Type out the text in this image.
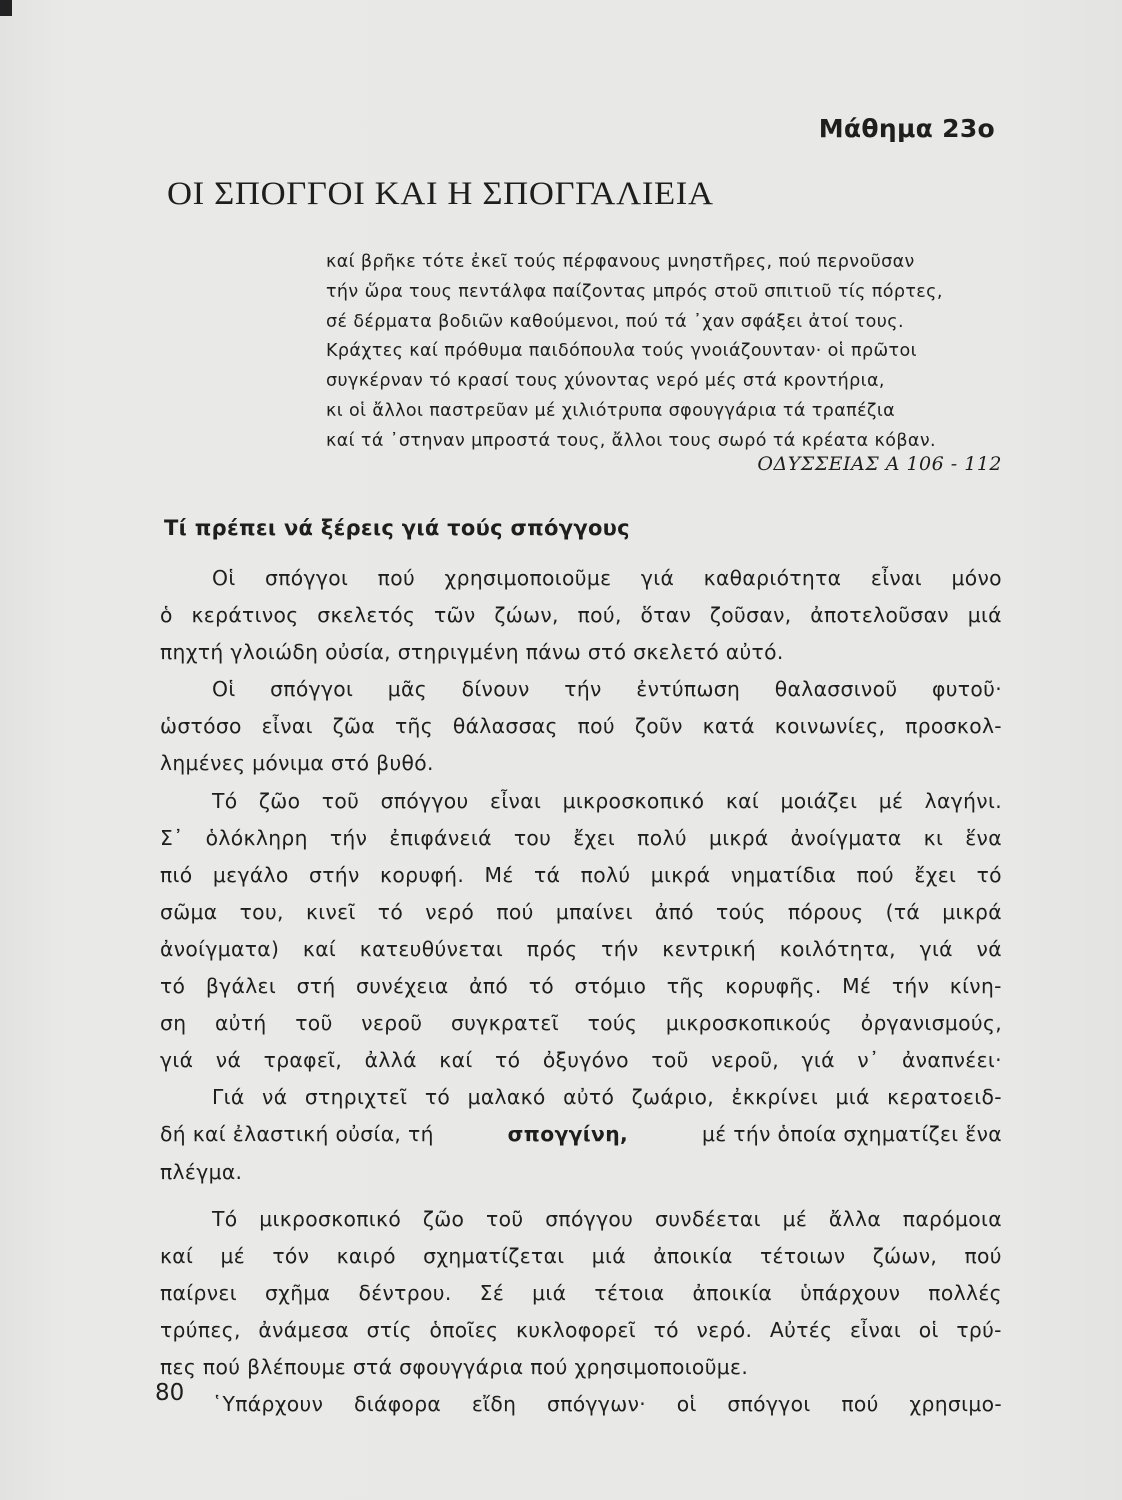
Μάθημα 23ο
ΟΙ ΣΠΟΓΓΟΙ ΚΑΙ Η ΣΠΟΓΓΑΛΙΕΙΑ
καί βρῆκε τότε ἐκεῖ τούς πέρφανους μνηστῆρες, πού περνοῦσαν
τήν ὥρα τους πεντάλφα παίζοντας μπρός στοῦ σπιτιοῦ τίς πόρτες,
σέ δέρματα βοδιῶν καθούμενοι, πού τά ᾽χαν σφάξει ἀτοί τους.
Κράχτες καί πρόθυμα παιδόπουλα τούς γνοιάζουνταν· οἱ πρῶτοι
συγκέρναν τό κρασί τους χύνοντας νερό μές στά κροντήρια,
κι οἱ ἄλλοι παστρεῦαν μέ χιλιότρυπα σφουγγάρια τά τραπέζια
καί τά ᾽στηναν μπροστά τους, ἄλλοι τους σωρό τά κρέατα κόβαν.
ΟΔΥΣΣΕΙΑΣ Α 106 - 112
Τί πρέπει νά ξέρεις γιά τούς σπόγγους
Οἱ σπόγγοι πού χρησιμοποιοῦμε γιά καθαριότητα εἶναι μόνο
ὁ κεράτινος σκελετός τῶν ζώων, πού, ὅταν ζοῦσαν, ἀποτελοῦσαν μιά
πηχτή γλοιώδη οὐσία, στηριγμένη πάνω στό σκελετό αὐτό.
Οἱ σπόγγοι μᾶς δίνουν τήν ἐντύπωση θαλασσινοῦ φυτοῦ·
ὡστόσο εἶναι ζῶα τῆς θάλασσας πού ζοῦν κατά κοινωνίες, προσκολ-
λημένες μόνιμα στό βυθό.
Τό ζῶο τοῦ σπόγγου εἶναι μικροσκοπικό καί μοιάζει μέ λαγήνι.
Σ᾽ ὁλόκληρη τήν ἐπιφάνειά του ἔχει πολύ μικρά ἀνοίγματα κι ἕνα
πιό μεγάλο στήν κορυφή. Μέ τά πολύ μικρά νηματίδια πού ἔχει τό
σῶμα του, κινεῖ τό νερό πού μπαίνει ἀπό τούς πόρους (τά μικρά
ἀνοίγματα) καί κατευθύνεται πρός τήν κεντρική κοιλότητα, γιά νά
τό βγάλει στή συνέχεια ἀπό τό στόμιο τῆς κορυφῆς. Μέ τήν κίνη-
ση αὐτή τοῦ νεροῦ συγκρατεῖ τούς μικροσκοπικούς ὀργανισμούς,
γιά νά τραφεῖ, ἀλλά καί τό ὀξυγόνο τοῦ νεροῦ, γιά ν᾽ ἀναπνέει·
Γιά νά στηριχτεῖ τό μαλακό αὐτό ζωάριο, ἐκκρίνει μιά κερατοειδ-
δή καί ἐλαστική οὐσία, τή	σπογγίνη,	μέ τήν ὁποία σχηματίζει ἕνα
πλέγμα.
Τό μικροσκοπικό ζῶο τοῦ σπόγγου συνδέεται μέ ἄλλα παρόμοια
καί μέ τόν καιρό σχηματίζεται μιά ἀποικία τέτοιων ζώων, πού
παίρνει σχῆμα δέντρου. Σέ μιά τέτοια ἀποικία ὑπάρχουν πολλές
τρύπες, ἀνάμεσα στίς ὁποῖες κυκλοφορεῖ τό νερό. Αὐτές εἶναι οἱ τρύ-
πες πού βλέπουμε στά σφουγγάρια πού χρησιμοποιοῦμε.
῾Υπάρχουν διάφορα εἴδη σπόγγων· οἱ σπόγγοι πού χρησιμο-
80
